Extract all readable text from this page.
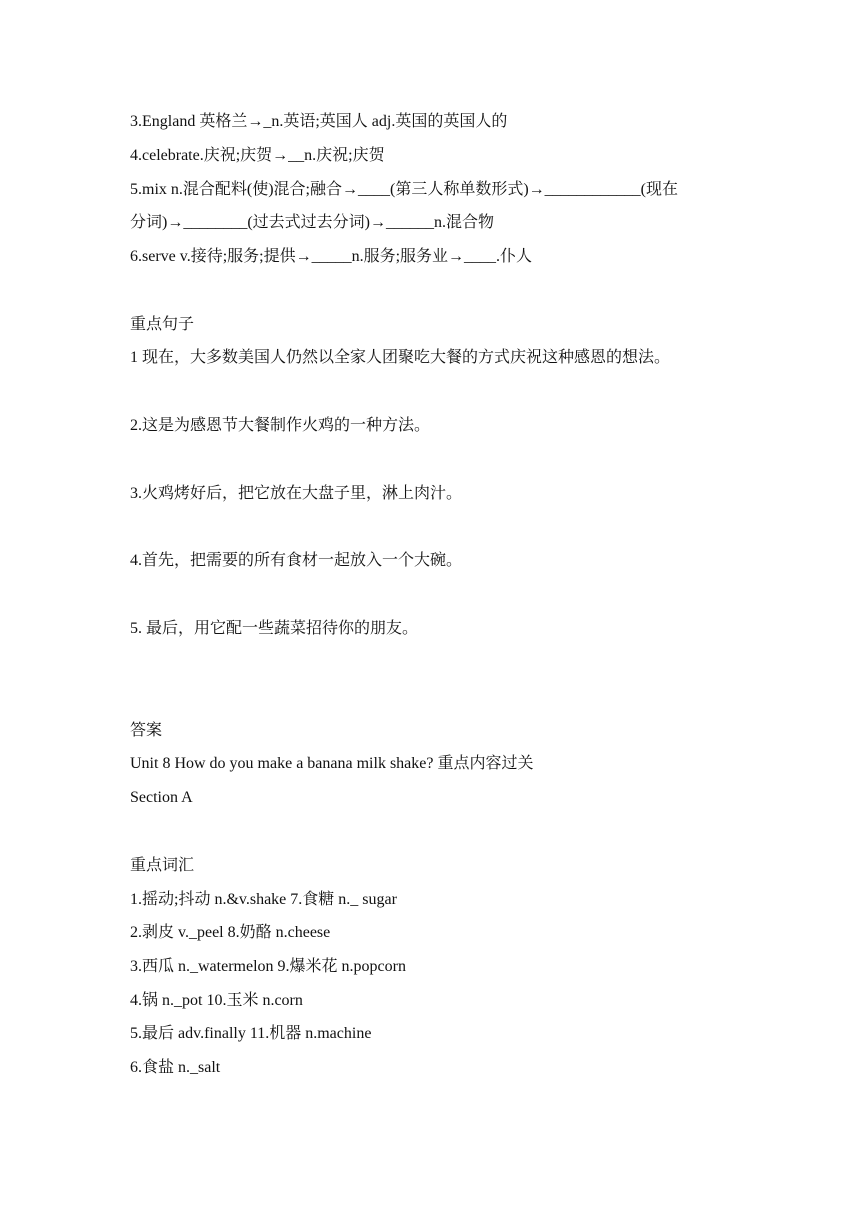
3.England 英格兰→_n.英语;英国人 adj.英国的英国人的
4.celebrate.庆祝;庆贺→__n.庆祝;庆贺
5.mix n.混合配料(使)混合;融合→____(第三人称单数形式)→____________(现在
分词)→________(过去式过去分词)→______n.混合物
6.serve v.接待;服务;提供→_____n.服务;服务业→____.仆人
重点句子
1 现在，大多数美国人仍然以全家人团聚吃大餐的方式庆祝这种感恩的想法。
2.这是为感恩节大餐制作火鸡的一种方法。
3.火鸡烤好后，把它放在大盘子里，淋上肉汁。
4.首先，把需要的所有食材一起放入一个大碗。
5. 最后，用它配一些蔬菜招待你的朋友。
答案
Unit 8 How do you make a banana milk shake? 重点内容过关
Section A
重点词汇
1.摇动;抖动 n.&v.shake 7.食糖 n._ sugar
2.剥皮 v._peel 8.奶酪 n.cheese
3.西瓜 n._watermelon 9.爆米花 n.popcorn
4.锅 n._pot 10.玉米 n.corn
5.最后 adv.finally 11.机器 n.machine
6.食盐 n._salt
